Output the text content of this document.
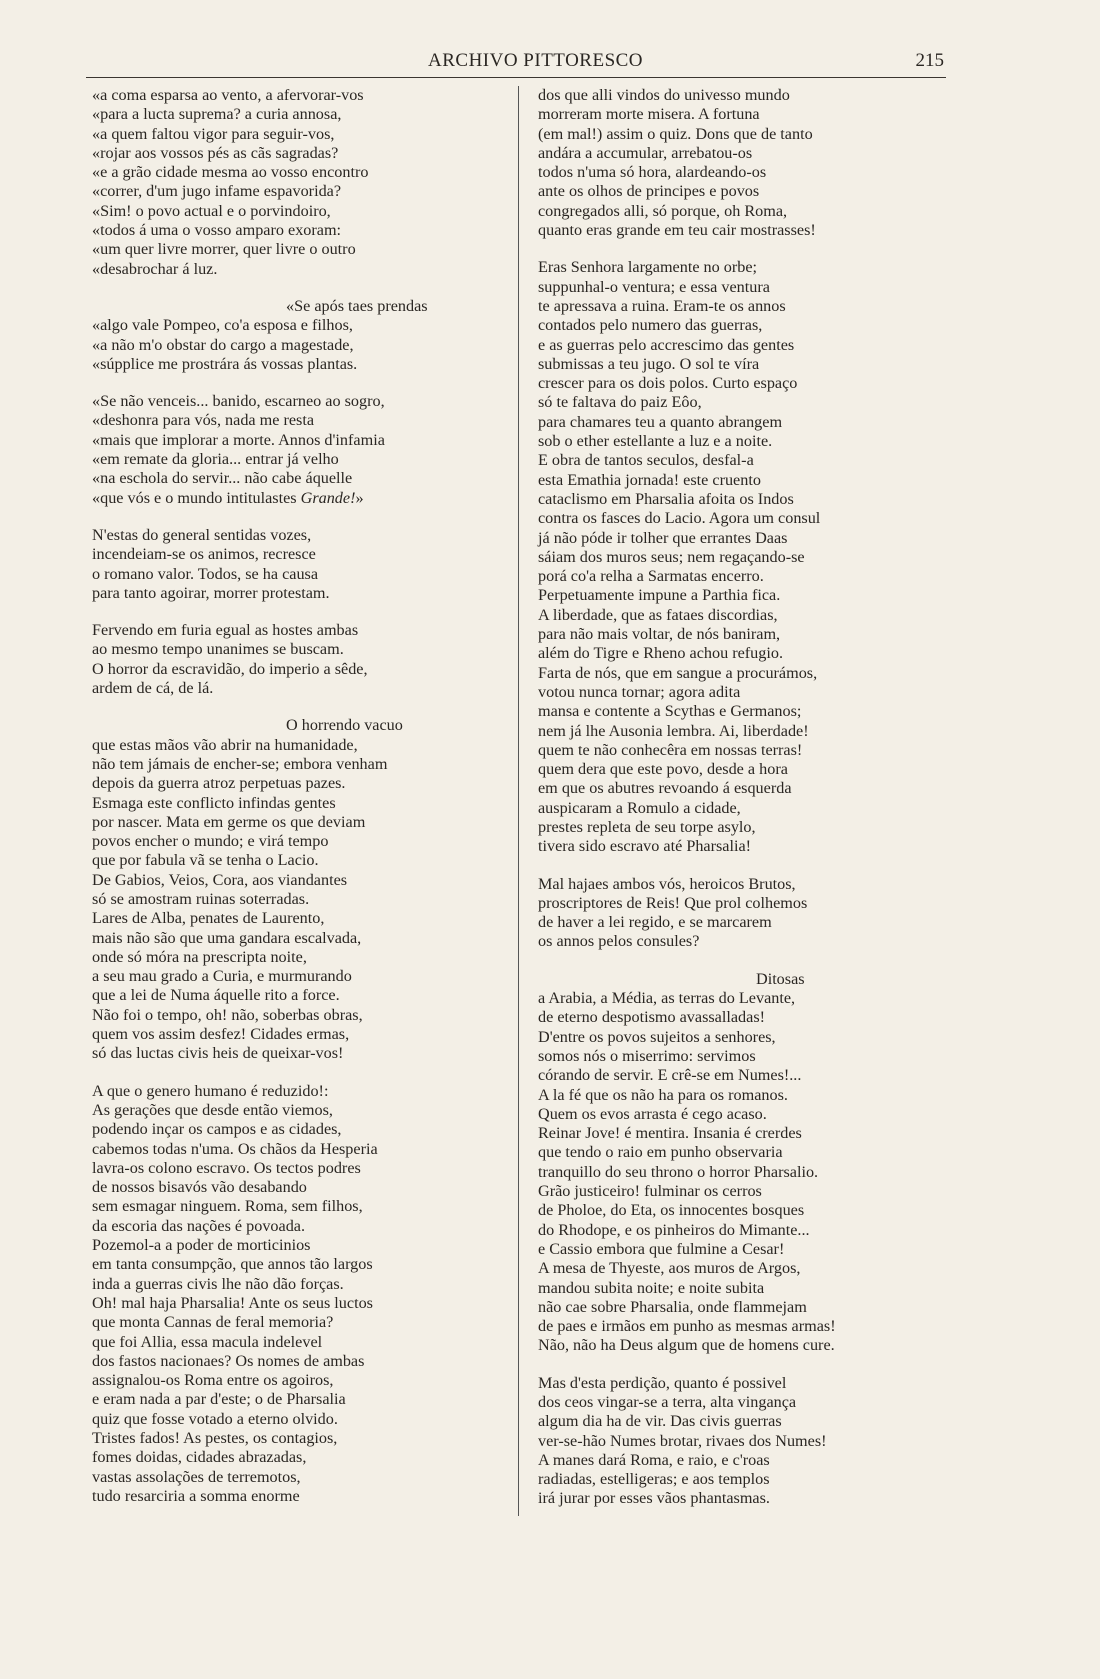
ARCHIVO PITTORESCO	215
«a coma esparsa ao vento, a afervorar-vos
«para a lucta suprema? a curia annosa,
«a quem faltou vigor para seguir-vos,
«rojar aos vossos pés as cãs sagradas?
«e a grão cidade mesma ao vosso encontro
«correr, d'um jugo infame espavorida?
«Sim! o povo actual e o porvindoiro,
«todos á uma o vosso amparo exoram:
«um quer livre morrer, quer livre o outro
«desabrochar á luz.
«Se após taes prendas
«algo vale Pompeo, co'a esposa e filhos,
«a não m'o obstar do cargo a magestade,
«súpplice me prostrára ás vossas plantas.
«Se não venceis... banido, escarneo ao sogro,
«deshonra para vós, nada me resta
«mais que implorar a morte. Annos d'infamia
«em remate da gloria... entrar já velho
«na eschola do servir... não cabe áquelle
«que vós e o mundo intitulastes Grande!»
N'estas do general sentidas vozes,
incendeiam-se os animos, recresce
o romano valor. Todos, se ha causa
para tanto agoirar, morrer protestam.
Fervendo em furia egual as hostes ambas
ao mesmo tempo unanimes se buscam.
O horror da escravidão, do imperio a sêde,
ardem de cá, de lá.
O horrendo vacuo
que estas mãos vão abrir na humanidade,
não tem jámais de encher-se; embora venham
depois da guerra atroz perpetuas pazes.
Esmaga este conflicto infindas gentes
por nascer. Mata em germe os que deviam
povos encher o mundo; e virá tempo
que por fabula vã se tenha o Lacio.
De Gabios, Veios, Cora, aos viandantes
só se amostram ruinas soterradas.
Lares de Alba, penates de Laurento,
mais não são que uma gandara escalvada,
onde só móra na prescripta noite,
a seu mau grado a Curia, e murmurando
que a lei de Numa áquelle rito a force.
Não foi o tempo, oh! não, soberbas obras,
quem vos assim desfez! Cidades ermas,
só das luctas civis heis de queixar-vos!
A que o genero humano é reduzido!:
As gerações que desde então viemos,
podendo inçar os campos e as cidades,
cabemos todas n'uma. Os chãos da Hesperia
lavra-os colono escravo. Os tectos podres
de nossos bisavós vão desabando
sem esmagar ninguem. Roma, sem filhos,
da escoria das nações é povoada.
Pozemol-a a poder de morticinios
em tanta consumpção, que annos tão largos
inda a guerras civis lhe não dão forças.
Oh! mal haja Pharsalia! Ante os seus luctos
que monta Cannas de feral memoria?
que foi Allia, essa macula indelevel
dos fastos nacionaes? Os nomes de ambas
assignalou-os Roma entre os agoiros,
e eram nada a par d'este; o de Pharsalia
quiz que fosse votado a eterno olvido.
Tristes fados! As pestes, os contagios,
fomes doidas, cidades abrazadas,
vastas assolações de terremotos,
tudo resarciria a somma enorme
dos que alli vindos do univesso mundo
morreram morte misera. A fortuna
(em mal!) assim o quiz. Dons que de tanto
andára a accumular, arrebatou-os
todos n'uma só hora, alardeando-os
ante os olhos de principes e povos
congregados alli, só porque, oh Roma,
quanto eras grande em teu cair mostrasses!
Eras Senhora largamente no orbe;
suppunhal-o ventura; e essa ventura
te apressava a ruina. Eram-te os annos
contados pelo numero das guerras,
e as guerras pelo accrescimo das gentes
submissas a teu jugo. O sol te víra
crescer para os dois polos. Curto espaço
só te faltava do paiz Eôo,
para chamares teu a quanto abrangem
sob o ether estellante a luz e a noite.
E obra de tantos seculos, desfal-a
esta Emathia jornada! este cruento
cataclismo em Pharsalia afoita os Indos
contra os fasces do Lacio. Agora um consul
já não póde ir tolher que errantes Daas
sáiam dos muros seus; nem regaçando-se
porá co'a relha a Sarmatas encerro.
Perpetuamente impune a Parthia fica.
A liberdade, que as fataes discordias,
para não mais voltar, de nós baniram,
além do Tigre e Rheno achou refugio.
Farta de nós, que em sangue a procurámos,
votou nunca tornar; agora adita
mansa e contente a Scythas e Germanos;
nem já lhe Ausonia lembra. Ai, liberdade!
quem te não conhecêra em nossas terras!
quem dera que este povo, desde a hora
em que os abutres revoando á esquerda
auspicaram a Romulo a cidade,
prestes repleta de seu torpe asylo,
tivera sido escravo até Pharsalia!
Mal hajaes ambos vós, heroicos Brutos,
proscriptores de Reis! Que prol colhemos
de haver a lei regido, e se marcarem
os annos pelos consules?
Ditosas
a Arabia, a Média, as terras do Levante,
de eterno despotismo avassalladas!
D'entre os povos sujeitos a senhores,
somos nós o miserrimo: servimos
córando de servir. E crê-se em Numes!...
A la fé que os não ha para os romanos.
Quem os evos arrasta é cego acaso.
Reinar Jove! é mentira. Insania é crerdes
que tendo o raio em punho observaria
tranquillo do seu throno o horror Pharsalio.
Grão justiceiro! fulminar os cerros
de Pholoe, do Eta, os innocentes bosques
do Rhodope, e os pinheiros do Mimante...
e Cassio embora que fulmine a Cesar!
A mesa de Thyeste, aos muros de Argos,
mandou subita noite; e noite subita
não cae sobre Pharsalia, onde flammejam
de paes e irmãos em punho as mesmas armas!
Não, não ha Deus algum que de homens cure.
Mas d'esta perdição, quanto é possivel
dos ceos vingar-se a terra, alta vingança
algum dia ha de vir. Das civis guerras
ver-se-hão Numes brotar, rivaes dos Numes!
A manes dará Roma, e raio, e c'roas
radiadas, estelligeras; e aos templos
irá jurar por esses vãos phantasmas.
